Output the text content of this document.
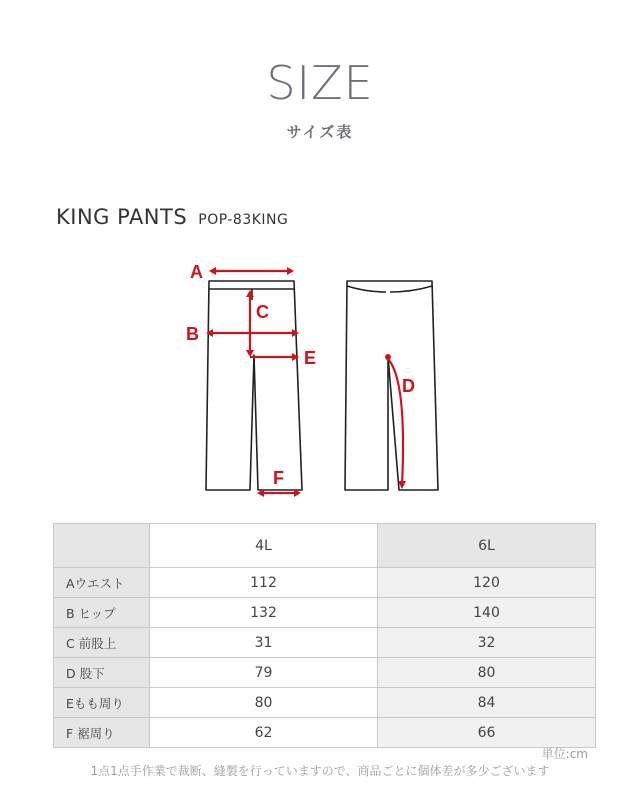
SIZE
サイズ表
KING PANTS POP-83KING
A
B
C
E
D
F
	4L	6L
Aウエスト	112	120
B ヒップ	132	140
C 前股上	31	32
D 股下	79	80
Eもも周り	80	84
F 裾周り	62	66
単位:cm
1点1点手作業で裁断、縫製を行っていますので、商品ごとに個体差が多少ございます
